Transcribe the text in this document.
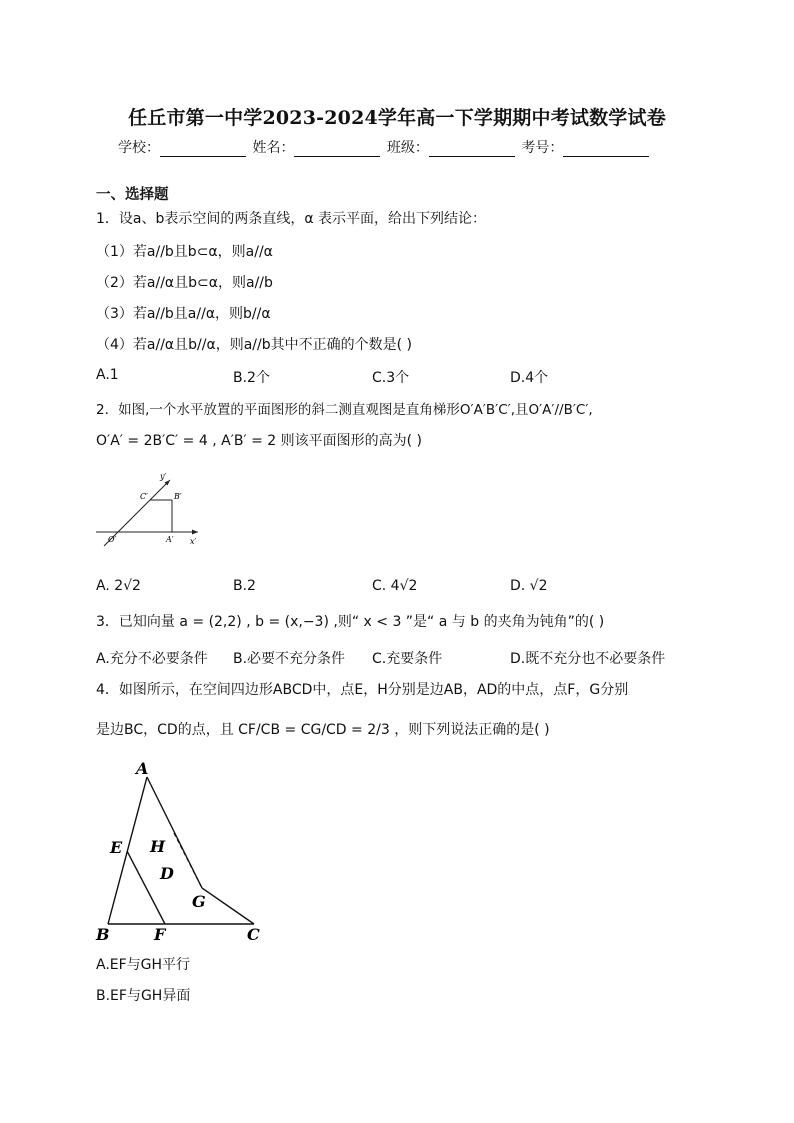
任丘市第一中学2023-2024学年高一下学期期中考试数学试卷
学校：	姓名：	班级：	考号：
一、选择题
1．设a、b表示空间的两条直线，α 表示平面，给出下列结论：
（1）若a//b且b⊂α，则a//α
（2）若a//α且b⊂α，则a//b
（3）若a//b且a//α，则b//α
（4）若a//α且b//α，则a//b其中不正确的个数是( )
A.1	B.2个	C.3个	D.4个
2．如图,一个水平放置的平面图形的斜二测直观图是直角梯形O′A′B′C′,且O′A′//B′C′,
O′A′ = 2B′C′ = 4 , A′B′ = 2 则该平面图形的高为( )
y′
x′
O′	A′
B′
C′
A. 2√2	B.2	C. 4√2	D. √2
3．已知向量 a = (2,2) , b = (x,−3) ,则“ x < 3 ”是“ a 与 b 的夹角为钝角”的( )
A.充分不必要条件 B.必要不充分条件 C.充要条件	D.既不充分也不必要条件
4．如图所示，在空间四边形ABCD中，点E，H分别是边AB，AD的中点，点F，G分别
是边BC，CD的点，且 CF/CB = CG/CD = 2/3 ，则下列说法正确的是( )
A
B	C
D
E
F
G
H
A.EF与GH平行
B.EF与GH异面
